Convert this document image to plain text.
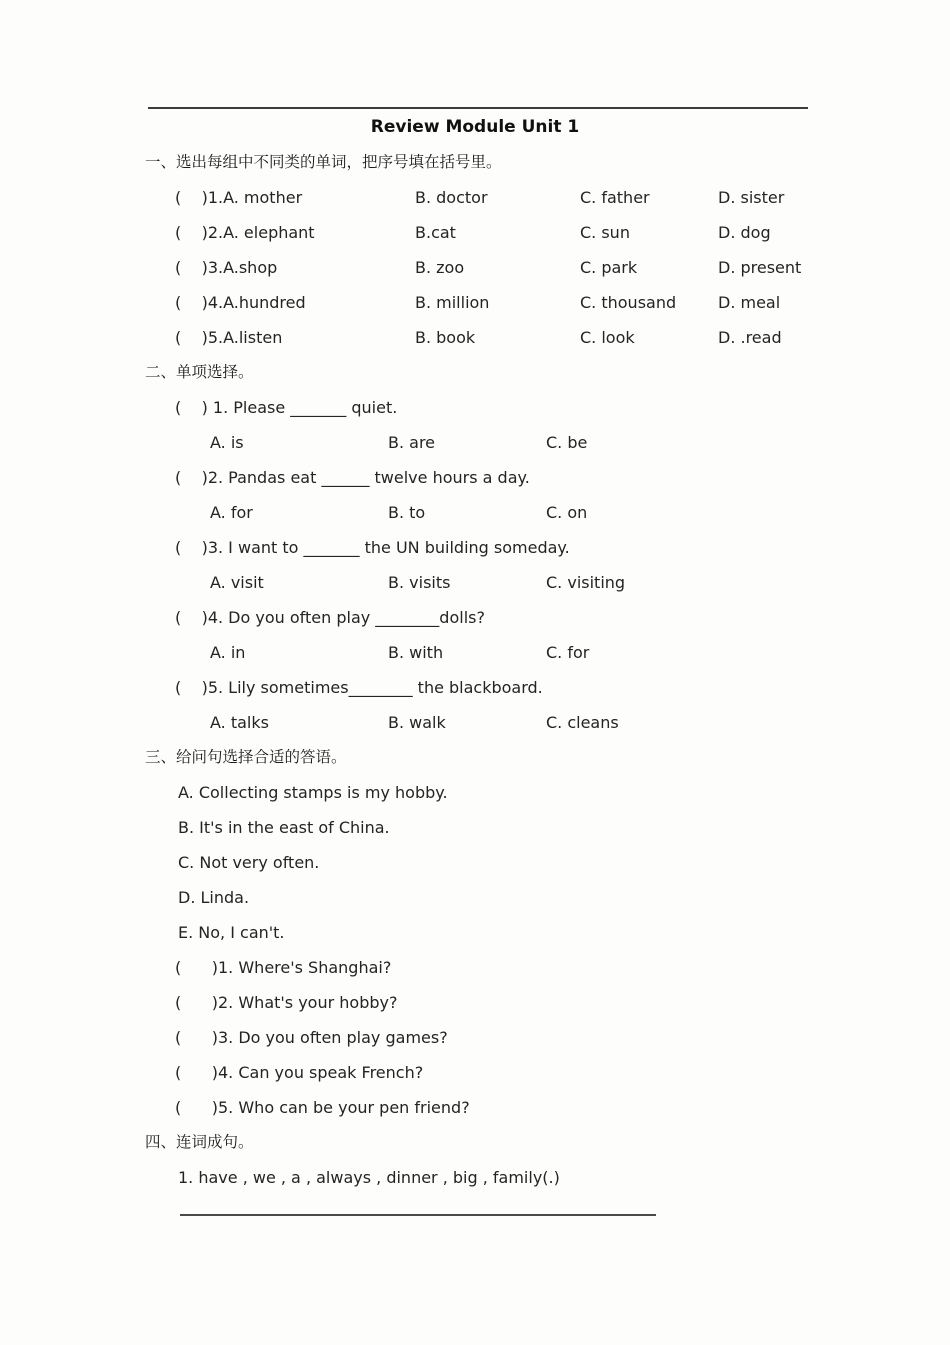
Review Module Unit 1
一、选出每组中不同类的单词，把序号填在括号里。
(    )1.A. mother	B. doctor	C. father	D. sister
(    )2.A. elephant	B.cat	C. sun	D. dog
(    )3.A.shop	B. zoo	C. park	D. present
(    )4.A.hundred	B. million	C. thousand	D. meal
(    )5.A.listen	B. book	C. look	D. .read
二、单项选择。
(    ) 1. Please _______ quiet.
A. is	B. are	C. be
(    )2. Pandas eat ______ twelve hours a day.
A. for	B. to	C. on
(    )3. I want to _______ the UN building someday.
A. visit	B. visits	C. visiting
(    )4. Do you often play ________dolls?
A. in	B. with	C. for
(    )5. Lily sometimes________ the blackboard.
A. talks	B. walk	C. cleans
三、给问句选择合适的答语。
A. Collecting stamps is my hobby.
B. It's in the east of China.
C. Not very often.
D. Linda.
E. No, I can't.
(      )1. Where's Shanghai?
(      )2. What's your hobby?
(      )3. Do you often play games?
(      )4. Can you speak French?
(      )5. Who can be your pen friend?
四、连词成句。
1. have , we , a , always , dinner , big , family(.)
